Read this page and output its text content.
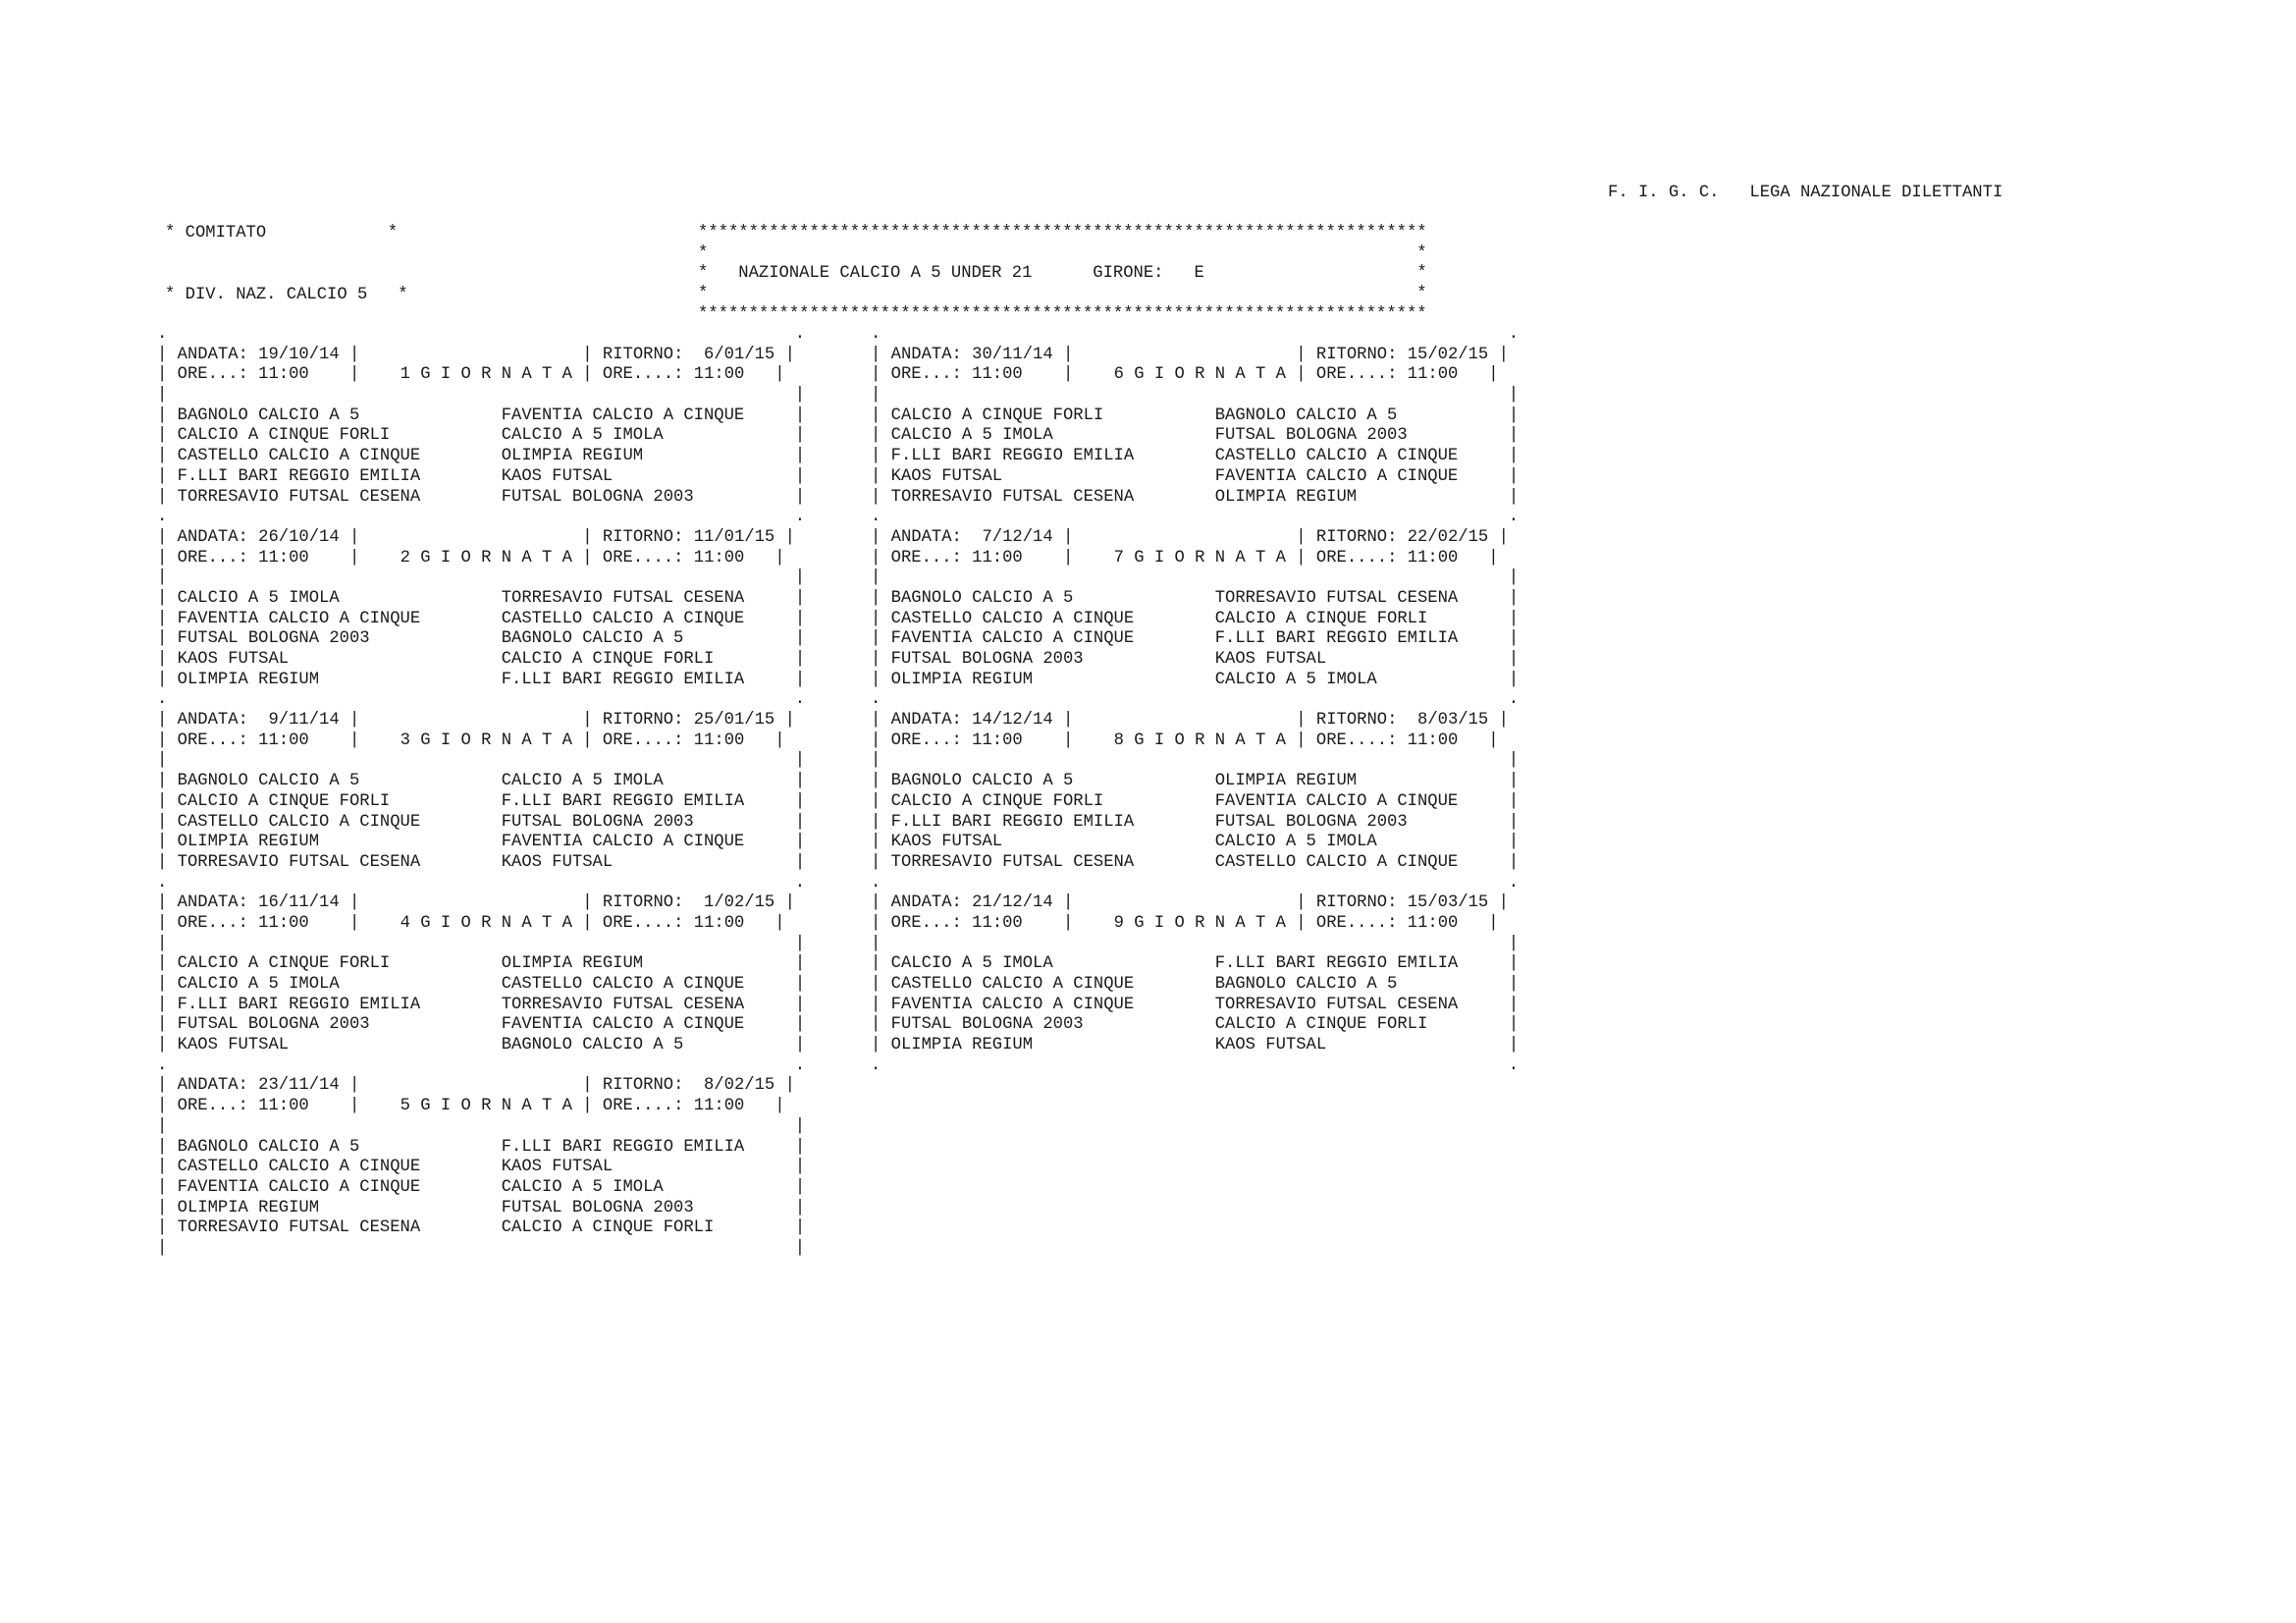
* COMITATO            *

* DIV. NAZ. CALCIO 5   *

F. I. G. C.   LEGA NAZIONALE DILETTANTI
************************************************************************
*                                                                      *
* NAZIONALE CALCIO A 5 UNDER 21	GIRONE: E	*
*                                                                      *
************************************************************************
.                                                              .
| ANDATA: 19/10/14 |	| RITORNO:  6/01/15 |
| ORE...: 11:00    |    1 G I O R N A T A | ORE....: 11:00   |
|                                                              |
| BAGNOLO CALCIO A 5              FAVENTIA CALCIO A CINQUE     |
| CALCIO A CINQUE FORLI           CALCIO A 5 IMOLA             |
| CASTELLO CALCIO A CINQUE        OLIMPIA REGIUM               |
| F.LLI BARI REGGIO EMILIA        KAOS FUTSAL                  |
| TORRESAVIO FUTSAL CESENA        FUTSAL BOLOGNA 2003          |
.                                                              .
| ANDATA: 26/10/14 |	| RITORNO: 11/01/15 |
| ORE...: 11:00    |    2 G I O R N A T A | ORE....: 11:00   |
|                                                              |
| CALCIO A 5 IMOLA                TORRESAVIO FUTSAL CESENA     |
| FAVENTIA CALCIO A CINQUE        CASTELLO CALCIO A CINQUE     |
| FUTSAL BOLOGNA 2003             BAGNOLO CALCIO A 5           |
| KAOS FUTSAL                     CALCIO A CINQUE FORLI        |
| OLIMPIA REGIUM                  F.LLI BARI REGGIO EMILIA     |
.                                                              .
| ANDATA:  9/11/14 |	| RITORNO: 25/01/15 |
| ORE...: 11:00    |    3 G I O R N A T A | ORE....: 11:00   |
|                                                              |
| BAGNOLO CALCIO A 5              CALCIO A 5 IMOLA             |
| CALCIO A CINQUE FORLI           F.LLI BARI REGGIO EMILIA     |
| CASTELLO CALCIO A CINQUE        FUTSAL BOLOGNA 2003          |
| OLIMPIA REGIUM                  FAVENTIA CALCIO A CINQUE     |
| TORRESAVIO FUTSAL CESENA        KAOS FUTSAL                  |
.                                                              .
| ANDATA: 16/11/14 |	| RITORNO:  1/02/15 |
| ORE...: 11:00    |    4 G I O R N A T A | ORE....: 11:00   |
|                                                              |
| CALCIO A CINQUE FORLI           OLIMPIA REGIUM               |
| CALCIO A 5 IMOLA                CASTELLO CALCIO A CINQUE     |
| F.LLI BARI REGGIO EMILIA        TORRESAVIO FUTSAL CESENA     |
| FUTSAL BOLOGNA 2003             FAVENTIA CALCIO A CINQUE     |
| KAOS FUTSAL                     BAGNOLO CALCIO A 5           |
.                                                              .
| ANDATA: 23/11/14 |	| RITORNO:  8/02/15 |
| ORE...: 11:00    |    5 G I O R N A T A | ORE....: 11:00   |
|                                                              |
| BAGNOLO CALCIO A 5              F.LLI BARI REGGIO EMILIA     |
| CASTELLO CALCIO A CINQUE        KAOS FUTSAL                  |
| FAVENTIA CALCIO A CINQUE        CALCIO A 5 IMOLA             |
| OLIMPIA REGIUM                  FUTSAL BOLOGNA 2003          |
| TORRESAVIO FUTSAL CESENA        CALCIO A CINQUE FORLI        |
|                                                              |
.                                                              .
| ANDATA: 30/11/14 |	| RITORNO: 15/02/15 |
| ORE...: 11:00    |    6 G I O R N A T A | ORE....: 11:00   |
|                                                              |
| CALCIO A CINQUE FORLI           BAGNOLO CALCIO A 5           |
| CALCIO A 5 IMOLA                FUTSAL BOLOGNA 2003          |
| F.LLI BARI REGGIO EMILIA        CASTELLO CALCIO A CINQUE     |
| KAOS FUTSAL                     FAVENTIA CALCIO A CINQUE     |
| TORRESAVIO FUTSAL CESENA        OLIMPIA REGIUM               |
.                                                              .
| ANDATA:  7/12/14 |	| RITORNO: 22/02/15 |
| ORE...: 11:00    |    7 G I O R N A T A | ORE....: 11:00   |
|                                                              |
| BAGNOLO CALCIO A 5              TORRESAVIO FUTSAL CESENA     |
| CASTELLO CALCIO A CINQUE        CALCIO A CINQUE FORLI        |
| FAVENTIA CALCIO A CINQUE        F.LLI BARI REGGIO EMILIA     |
| FUTSAL BOLOGNA 2003             KAOS FUTSAL                  |
| OLIMPIA REGIUM                  CALCIO A 5 IMOLA             |
.                                                              .
| ANDATA: 14/12/14 |	| RITORNO:  8/03/15 |
| ORE...: 11:00    |    8 G I O R N A T A | ORE....: 11:00   |
|                                                              |
| BAGNOLO CALCIO A 5              OLIMPIA REGIUM               |
| CALCIO A CINQUE FORLI           FAVENTIA CALCIO A CINQUE     |
| F.LLI BARI REGGIO EMILIA        FUTSAL BOLOGNA 2003          |
| KAOS FUTSAL                     CALCIO A 5 IMOLA             |
| TORRESAVIO FUTSAL CESENA        CASTELLO CALCIO A CINQUE     |
.                                                              .
| ANDATA: 21/12/14 |	| RITORNO: 15/03/15 |
| ORE...: 11:00    |    9 G I O R N A T A | ORE....: 11:00   |
|                                                              |
| CALCIO A 5 IMOLA                F.LLI BARI REGGIO EMILIA     |
| CASTELLO CALCIO A CINQUE        BAGNOLO CALCIO A 5           |
| FAVENTIA CALCIO A CINQUE        TORRESAVIO FUTSAL CESENA     |
| FUTSAL BOLOGNA 2003             CALCIO A CINQUE FORLI        |
| OLIMPIA REGIUM                  KAOS FUTSAL                  |
.                                                              .
